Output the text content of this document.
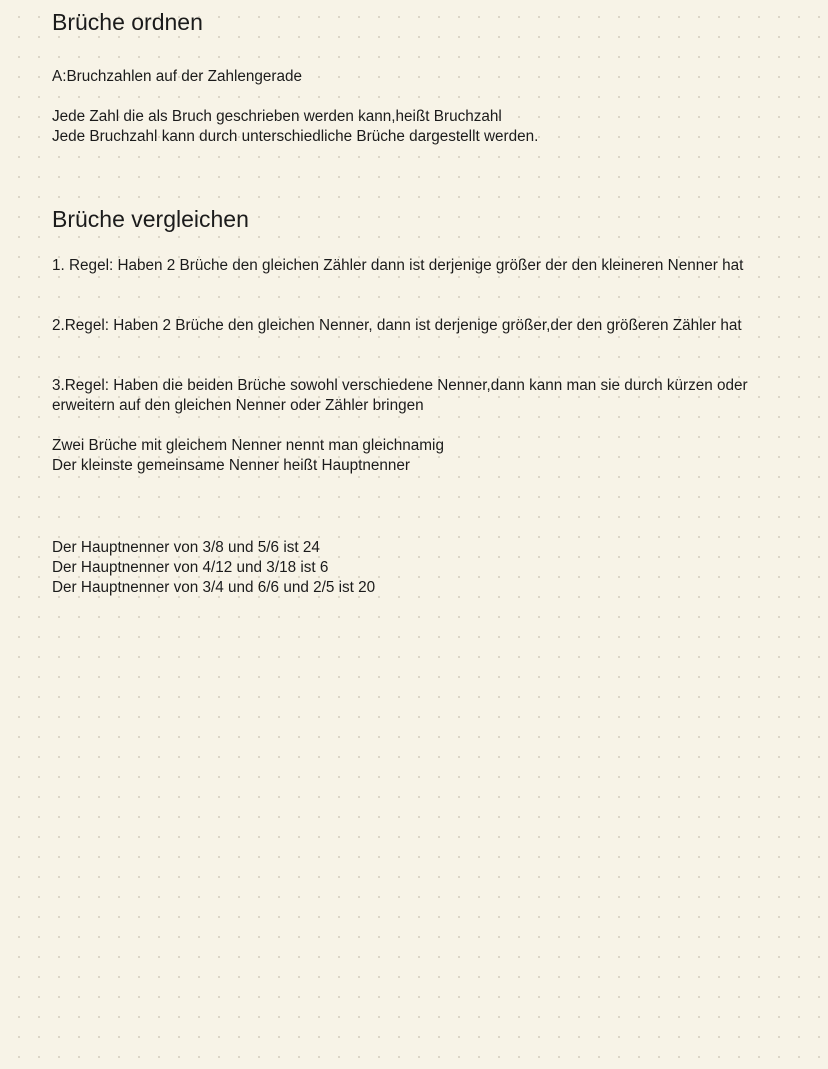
Brüche ordnen

A:Bruchzahlen auf der Zahlengerade

Jede Zahl die als Bruch geschrieben werden kann,heißt Bruchzahl

Jede Bruchzahl kann durch unterschiedliche Brüche dargestellt werden.

Brüche vergleichen

1. Regel: Haben 2 Brüche den gleichen Zähler dann ist derjenige größer der den kleineren Nenner hat

2.Regel: Haben 2 Brüche den gleichen Nenner, dann ist derjenige größer,der den größeren Zähler hat

3.Regel: Haben die beiden Brüche sowohl verschiedene Nenner,dann kann man sie durch kürzen oder erweitern auf den gleichen Nenner oder Zähler bringen

Zwei Brüche mit gleichem Nenner nennt man gleichnamig

Der kleinste gemeinsame Nenner heißt Hauptnenner

Der Hauptnenner von 3/8 und 5/6 ist 24

Der Hauptnenner von 4/12 und 3/18 ist 6

Der Hauptnenner von 3/4 und 6/6 und 2/5 ist 20
